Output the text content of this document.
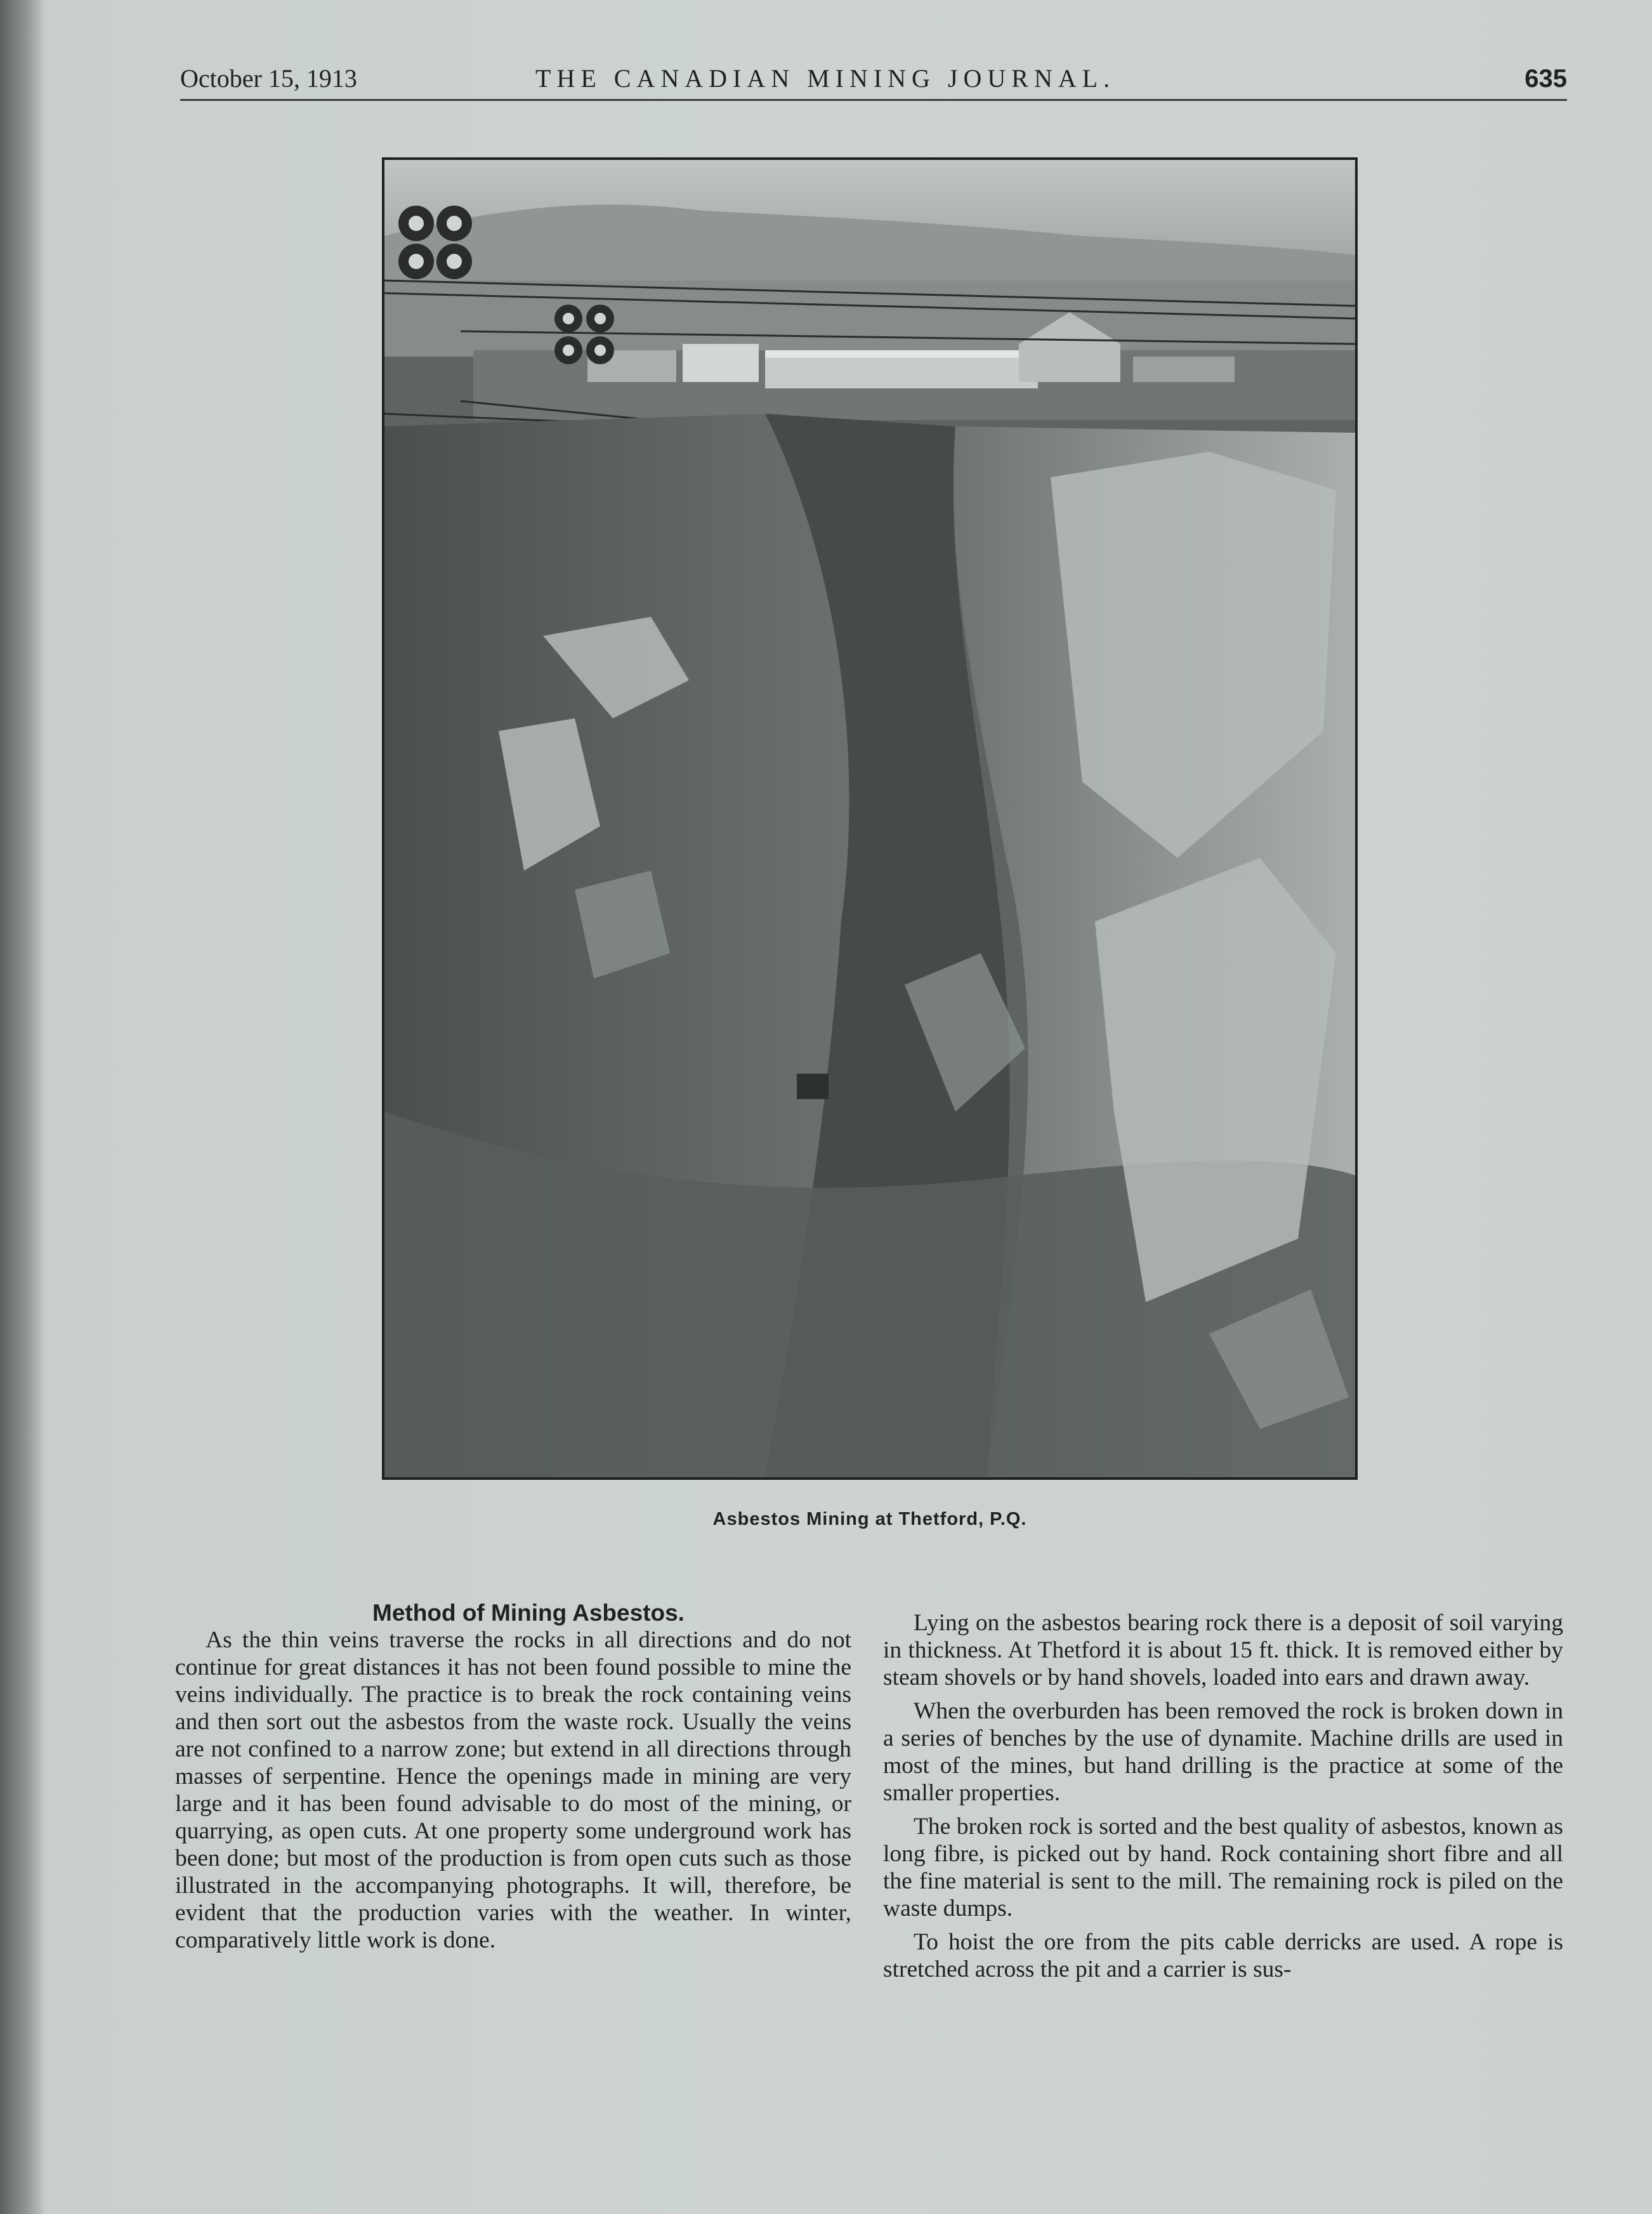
October 15, 1913	THE CANADIAN MINING JOURNAL.	635
Asbestos Mining at Thetford, P.Q.

Method of Mining Asbestos.

As the thin veins traverse the rocks in all directions and do not continue for great distances it has not been found possible to mine the veins individually. The practice is to break the rock containing veins and then sort out the asbestos from the waste rock. Usually the veins are not confined to a narrow zone; but extend in all directions through masses of serpentine. Hence the openings made in mining are very large and it has been found advisable to do most of the mining, or quarrying, as open cuts. At one property some underground work has been done; but most of the production is from open cuts such as those illustrated in the accompanying photographs. It will, therefore, be evident that the production varies with the weather. In winter, comparatively little work is done.

Lying on the asbestos bearing rock there is a deposit of soil varying in thickness. At Thetford it is about 15 ft. thick. It is removed either by steam shovels or by hand shovels, loaded into ears and drawn away.

When the overburden has been removed the rock is broken down in a series of benches by the use of dynamite. Machine drills are used in most of the mines, but hand drilling is the practice at some of the smaller properties.

The broken rock is sorted and the best quality of asbestos, known as long fibre, is picked out by hand. Rock containing short fibre and all the fine material is sent to the mill. The remaining rock is piled on the waste dumps.

To hoist the ore from the pits cable derricks are used. A rope is stretched across the pit and a carrier is sus-
